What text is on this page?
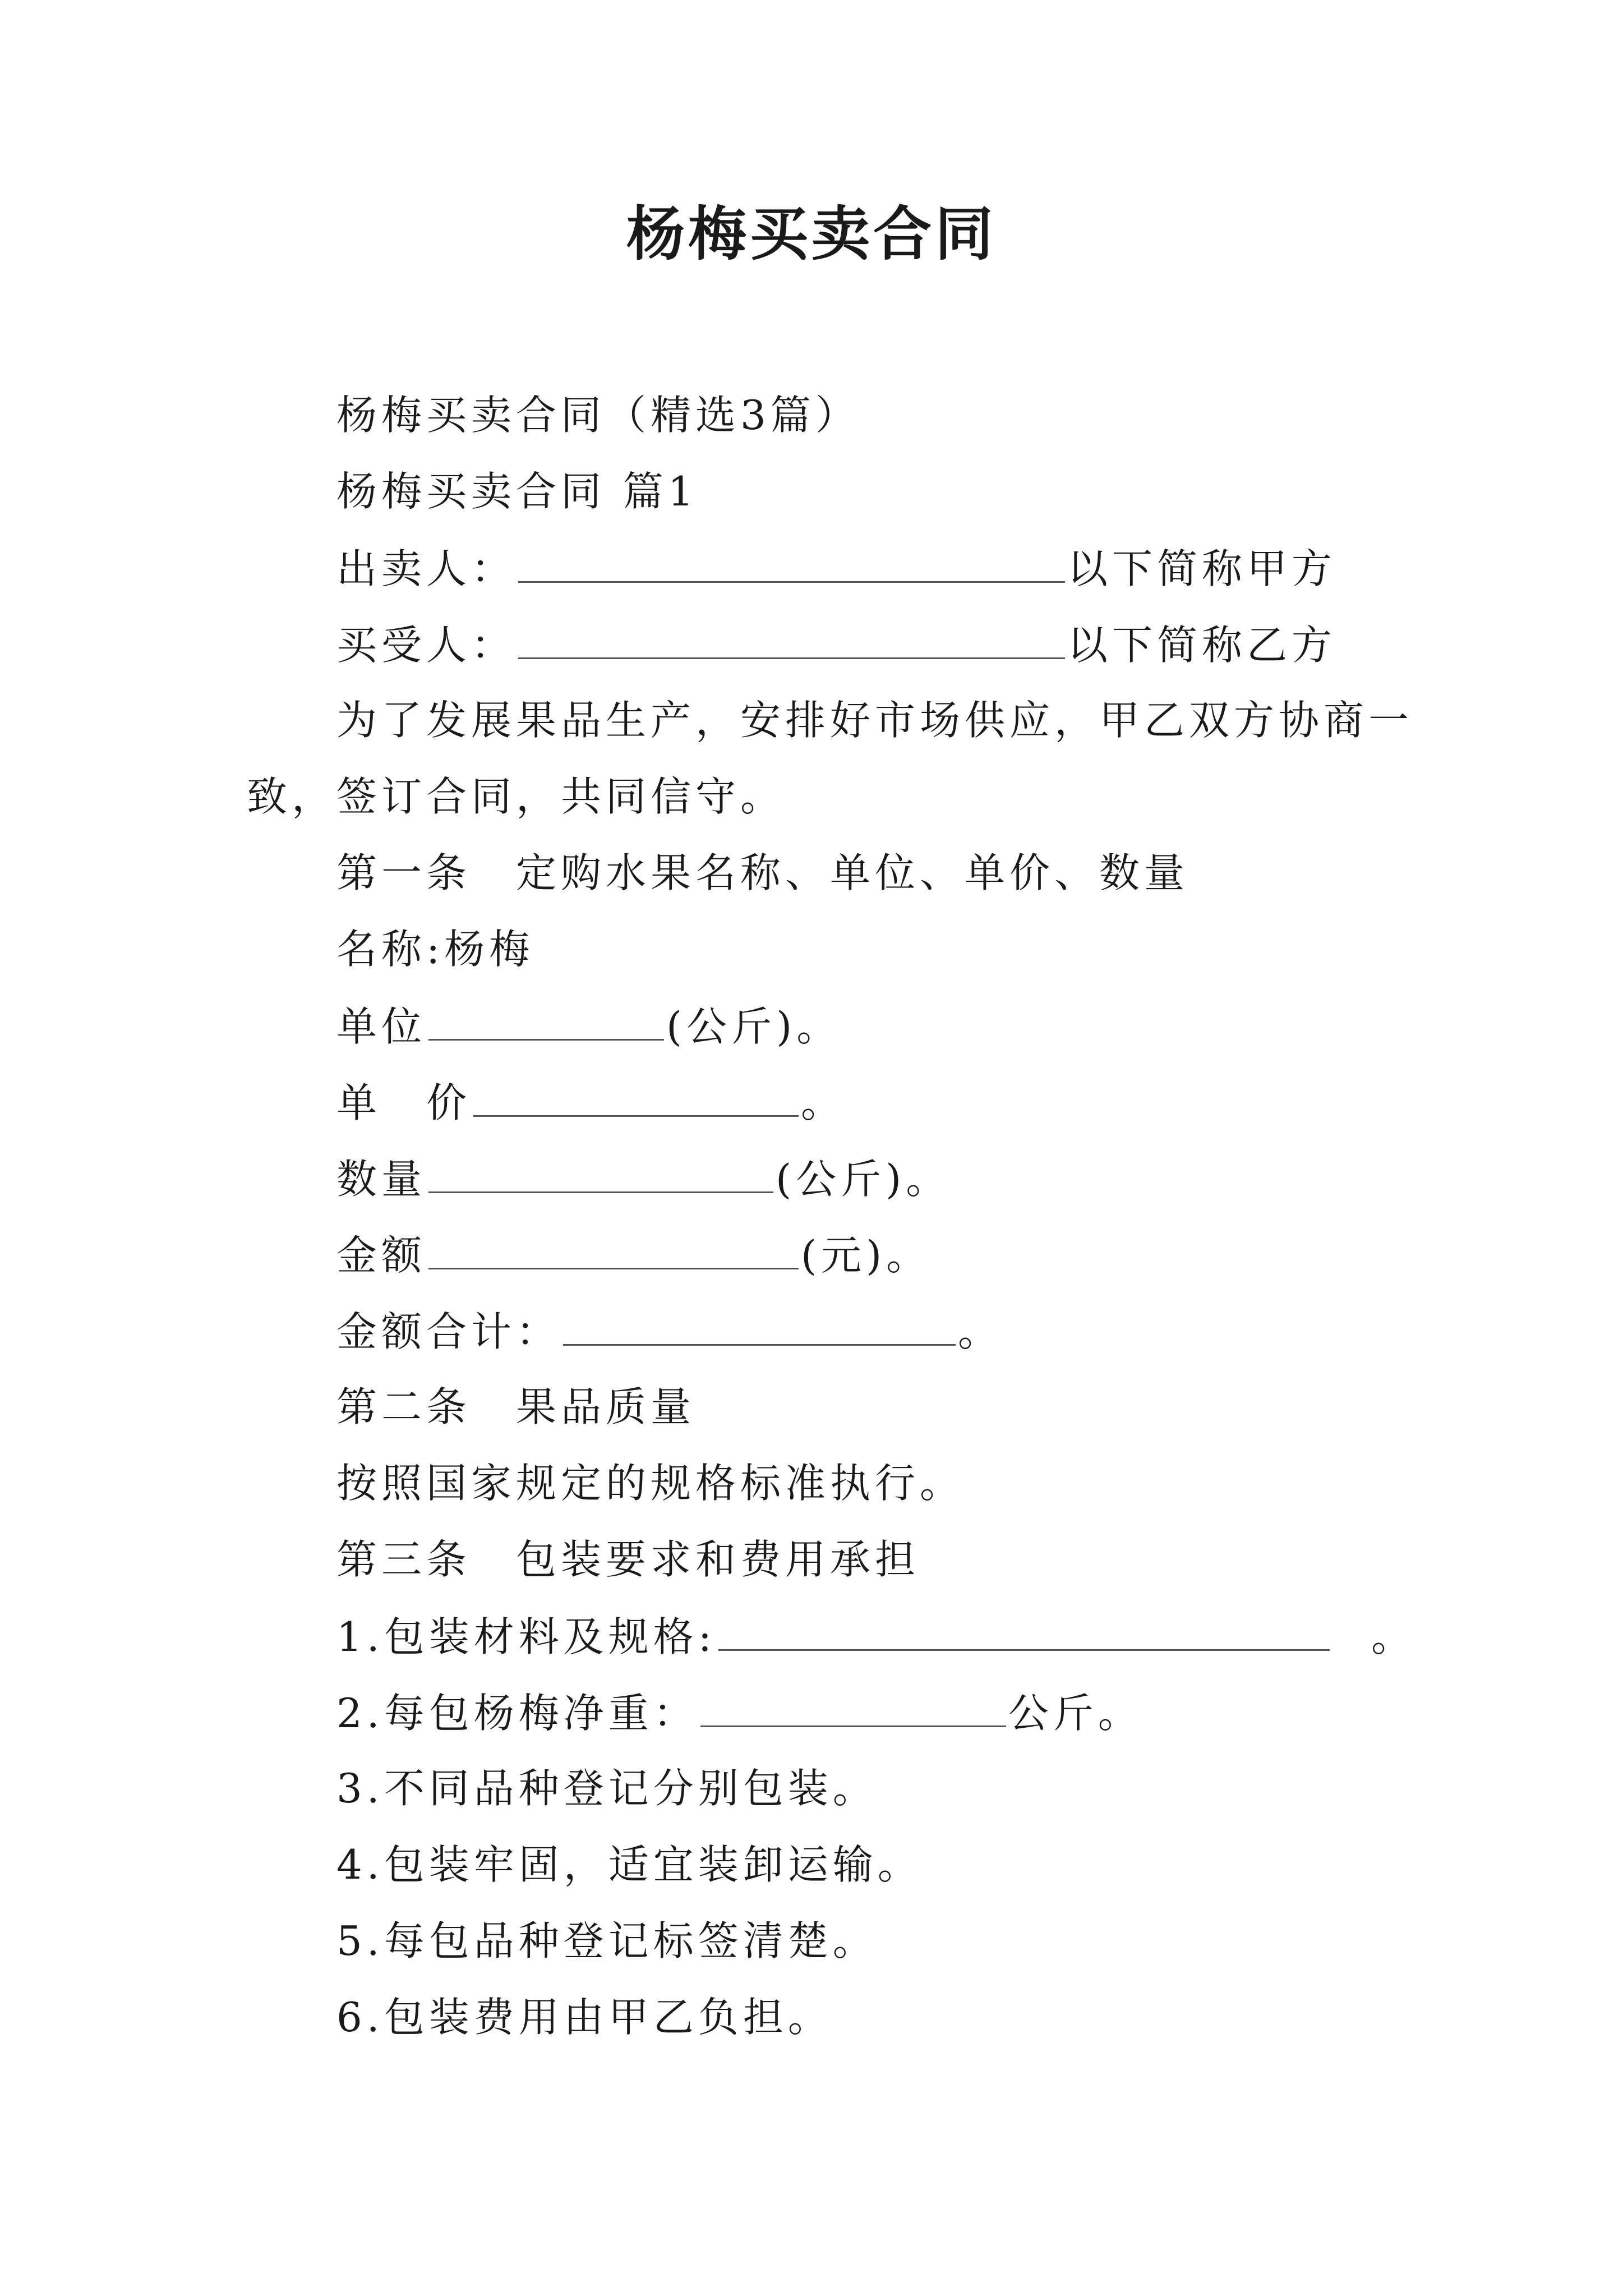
杨梅买卖合同
杨梅买卖合同（精选3篇）
杨梅买卖合同 篇1
出卖人：	以下简称甲方
买受人：	以下简称乙方
为了发展果品生产，安排好市场供应，甲乙双方协商一
致，签订合同，共同信守。
第一条　定购水果名称、单位、单价、数量
名称:杨梅
单位	(公斤)。
单　价	。
数量	(公斤)。
金额	(元)。
金额合计：	。
第二条　果品质量
按照国家规定的规格标准执行。
第三条　包装要求和费用承担
1.包装材料及规格:	。
2.每包杨梅净重：	公斤。
3.不同品种登记分别包装。
4.包装牢固，适宜装卸运输。
5.每包品种登记标签清楚。
6.包装费用由甲乙负担。
